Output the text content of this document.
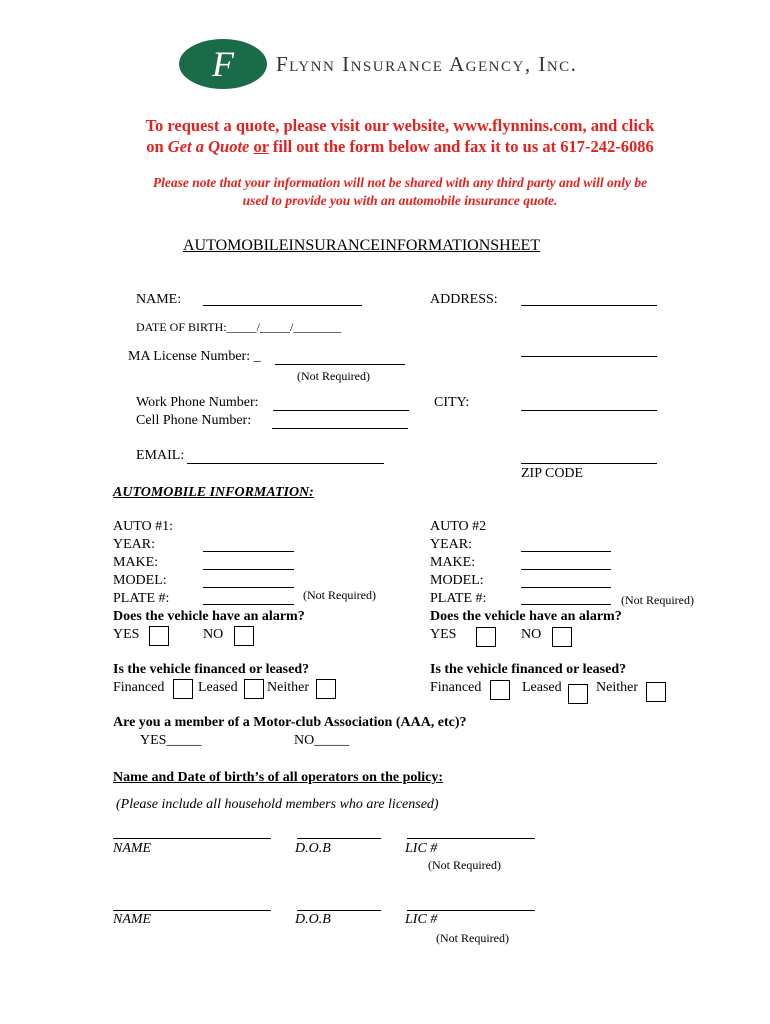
F Flynn Insurance Agency, Inc.
To request a quote, please visit our website, www.flynnins.com, and click
on Get a Quote or fill out the form below and fax it to us at 617-242-6086
Please note that your information will not be shared with any third party and will only be
used to provide you with an automobile insurance quote.
AUTOMOBILEINSURANCEINFORMATIONSHEET
NAME:	ADDRESS:
DATE OF BIRTH:_____/_____/________
MA License Number: _
(Not Required)
Work Phone Number:
Cell Phone Number:
CITY:
EMAIL:
ZIP CODE
AUTOMOBILE INFORMATION:
AUTO #1:
YEAR:
MAKE:
MODEL:
PLATE #:	(Not Required)
Does the vehicle have an alarm?
YES	NO
Is the vehicle financed or leased?
Financed Leased Neither
AUTO #2
YEAR:
MAKE:
MODEL:
PLATE #:	(Not Required)
Does the vehicle have an alarm?
YES	NO
Is the vehicle financed or leased?
Financed	Leased Neither
Are you a member of a Motor-club Association (AAA, etc)?
YES_____	NO_____
Name and Date of birth’s of all operators on the policy:
(Please include all household members who are licensed)
NAME	D.O.B	LIC #
(Not Required)
NAME	D.O.B	LIC #
(Not Required)
